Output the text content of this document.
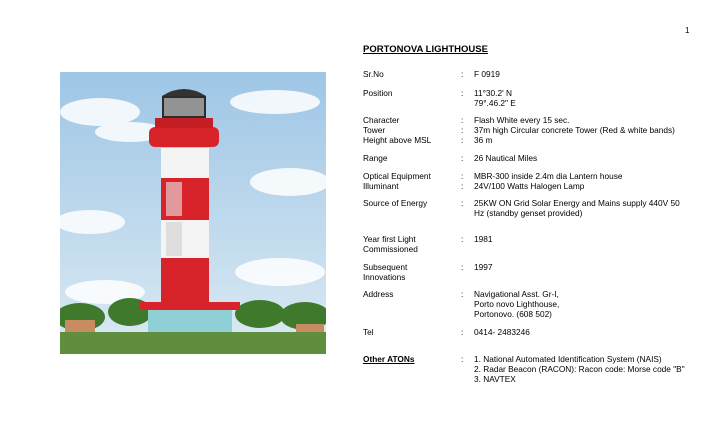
1
PORTONOVA LIGHTHOUSE
Sr.No	: F 0919
Position	: 11°30.2' N
79°.46.2" E
Character	: Flash White every 15 sec.
Tower	: 37m high Circular concrete Tower (Red & white bands)
Height above MSL	: 36 m
Range	: 26 Nautical Miles
Optical Equipment	: MBR-300 inside 2.4m dia Lantern house
Illuminant	: 24V/100 Watts Halogen Lamp
Source of Energy	: 25KW ON Grid Solar Energy and Mains supply 440V 50
Hz (standby genset provided)
Year first Light
Commissioned
: 1981
Subsequent
Innovations
: 1997
Address	: Navigational Asst. Gr-I,
Porto novo Lighthouse,
Portonovo. (608 502)
Tel	: 0414- 2483246
Other ATONs	: 1. National Automated Identification System (NAIS)
2. Radar Beacon (RACON): Racon code: Morse code "B"
3. NAVTEX
